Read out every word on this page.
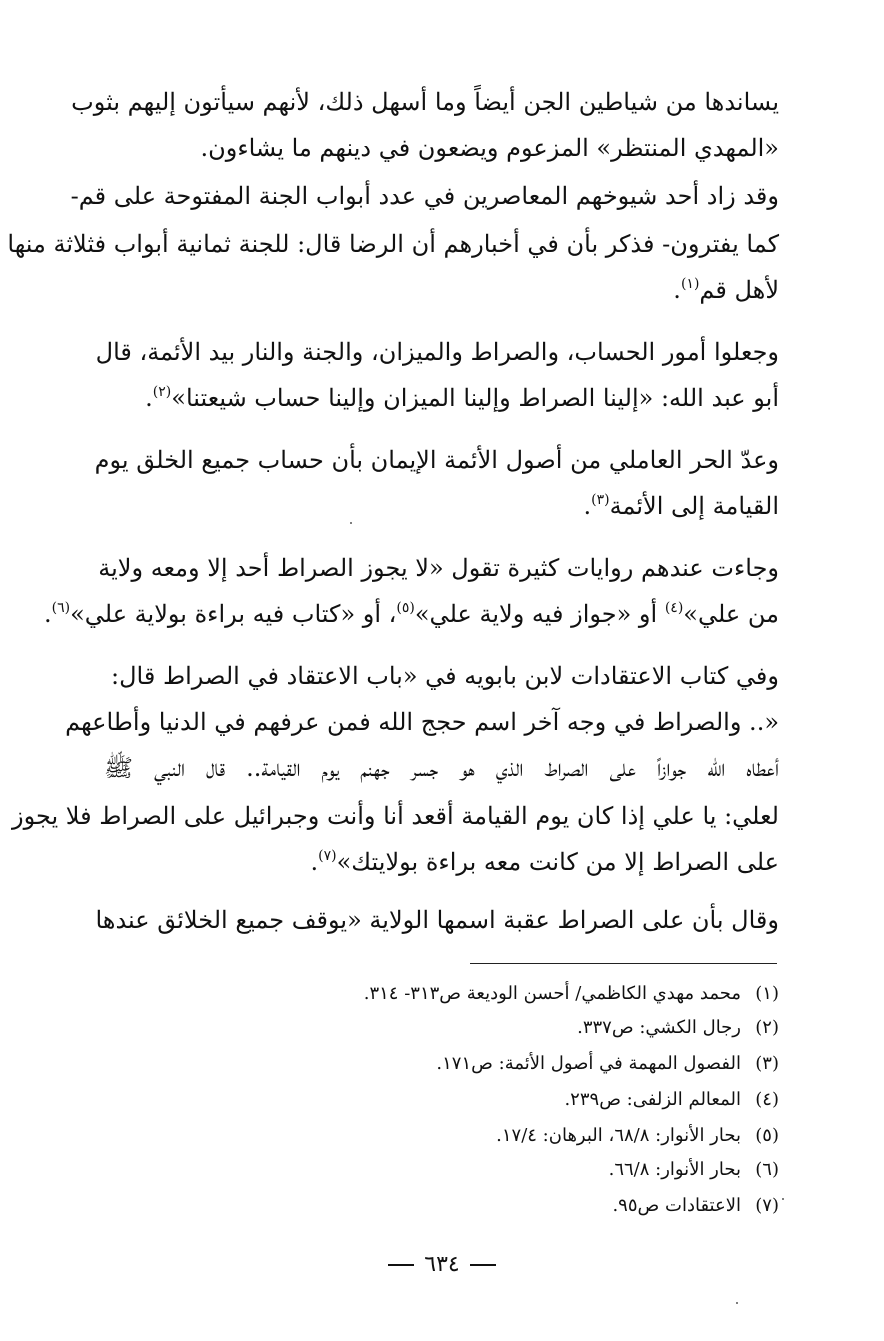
يساندها من شياطين الجن أيضاً وما أسهل ذلك، لأنهم سيأتون إليهم بثوب
«المهدي المنتظر» المزعوم ويضعون في دينهم ما يشاءون.
وقد زاد أحد شيوخهم المعاصرين في عدد أبواب الجنة المفتوحة على قم-
كما يفترون- فذكر بأن في أخبارهم أن الرضا قال: للجنة ثمانية أبواب فثلاثة منها
لأهل قم$^{(١)}$.
وجعلوا أمور الحساب، والصراط والميزان، والجنة والنار بيد الأئمة، قال
أبو عبد الله: «إلينا الصراط وإلينا الميزان وإلينا حساب شيعتنا»$^{(٢)}$.
وعدّ الحر العاملي من أصول الأئمة الإيمان بأن حساب جميع الخلق يوم
القيامة إلى الأئمة$^{(٣)}$.
وجاءت عندهم روايات كثيرة تقول «لا يجوز الصراط أحد إلا ومعه ولاية
من علي»$^{(٤)}$ أو «جواز فيه ولاية علي»$^{(٥)}$، أو «كتاب فيه براءة بولاية علي»$^{(٦)}$.
وفي كتاب الاعتقادات لابن بابويه في «باب الاعتقاد في الصراط قال:
«.. والصراط في وجه آخر اسم حجج الله فمن عرفهم في الدنيا وأطاعهم
أعطاه الله جوازاً على الصراط الذي هو جسر جهنم يوم القيامة.. قال النبي ﷺ
لعلي: يا علي إذا كان يوم القيامة أقعد أنا وأنت وجبرائيل على الصراط فلا يجوز
على الصراط إلا من كانت معه براءة بولايتك»$^{(٧)}$.
وقال بأن على الصراط عقبة اسمها الولاية «يوقف جميع الخلائق عندها
(١)محمد مهدي الكاظمي/ أحسن الوديعة ص٣١٣- ٣١٤.
(٢)رجال الكشي: ص٣٣٧.
(٣)الفصول المهمة في أصول الأئمة: ص١٧١.
(٤)المعالم الزلفى: ص٢٣٩.
(٥)بحار الأنوار: ٦٨/٨، البرهان: ١٧/٤.
(٦)بحار الأنوار: ٦٦/٨.
(٧)الاعتقادات ص٩٥.
٦٣٤
